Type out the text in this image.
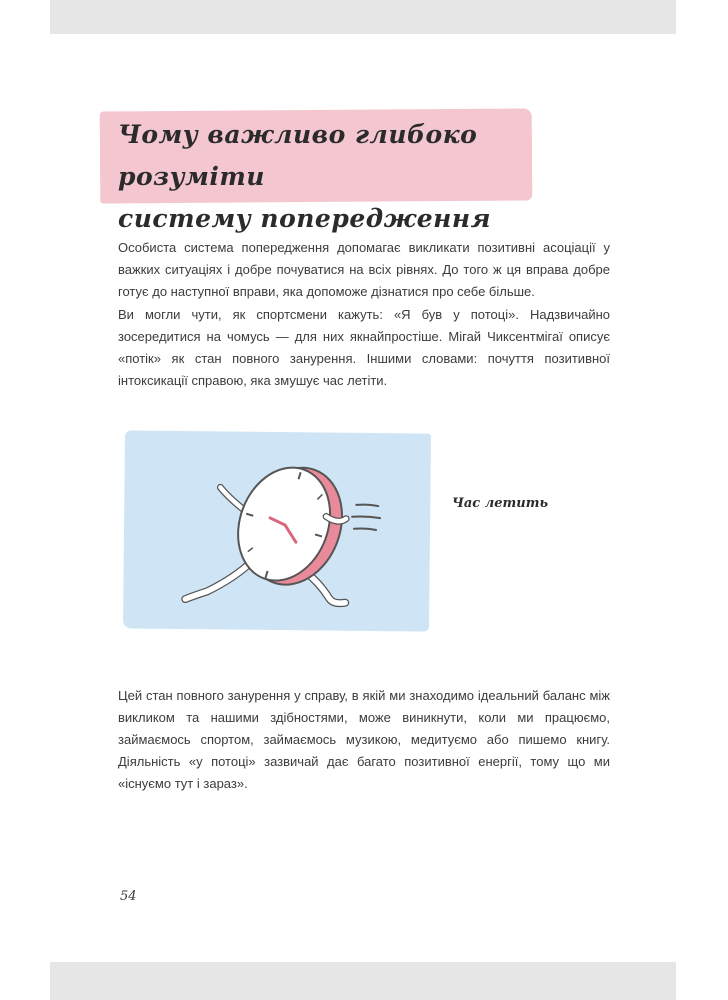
Чому важливо глибоко розуміти
систему попередження

Особиста система попередження допомагає викликати позитивні асоціації у важких ситуаціях і добре почуватися на всіх рівнях. До того ж ця вправа добре готує до наступної вправи, яка допоможе дізнатися про себе більше.

Ви могли чути, як спортсмени кажуть: «Я був у потоці». Надзвичайно зосередитися на чомусь — для них якнайпростіше. Мігай Чиксентмігаї описує «потік» як стан повного занурення. Іншими словами: почуття позитивної інтоксикації справою, яка змушує час летіти.

Час летить

Цей стан повного занурення у справу, в якій ми знаходимо ідеальний баланс між викликом та нашими здібностями, може виникнути, коли ми працюємо, займаємось спортом, займаємось музикою, медитуємо або пишемо книгу. Діяльність «у потоці» зазвичай дає багато позитивної енергії, тому що ми «існуємо тут і зараз».

54
